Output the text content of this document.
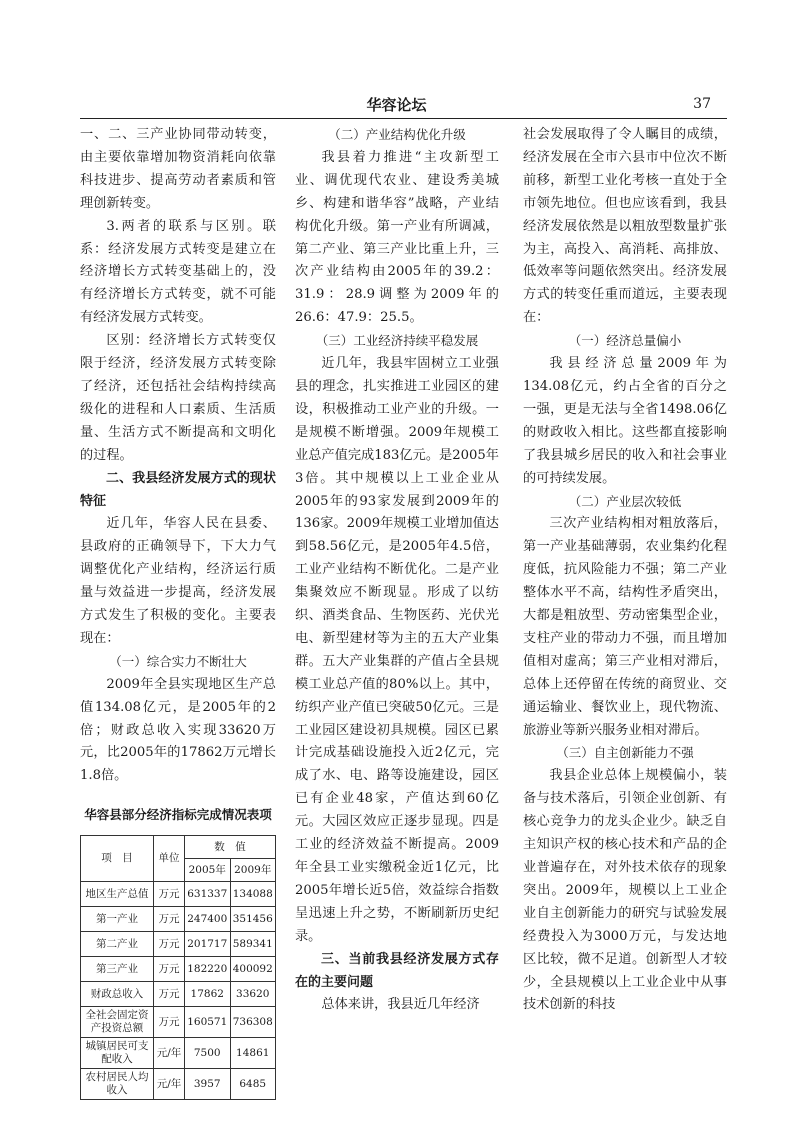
华容论坛	37

一、二、三产业协同带动转变，由主要依靠增加物资消耗向依靠科技进步、提高劳动者素质和管理创新转变。

3.两者的联系与区别。联系：经济发展方式转变是建立在经济增长方式转变基础上的，没有经济增长方式转变，就不可能有经济发展方式转变。

区别：经济增长方式转变仅限于经济，经济发展方式转变除了经济，还包括社会结构持续高级化的进程和人口素质、生活质量、生活方式不断提高和文明化的过程。

二、我县经济发展方式的现状特征

近几年，华容人民在县委、县政府的正确领导下，下大力气调整优化产业结构，经济运行质量与效益进一步提高，经济发展方式发生了积极的变化。主要表现在：

（一）综合实力不断壮大

2009年全县实现地区生产总值134.08亿元，是2005年的2倍；财政总收入实现33620万元，比2005年的17862万元增长1.8倍。

华容县部分经济指标完成情况表项
项　目	单位	数　值	
		2005年	2009年
地区生产总值	万元	631337	134088
第一产业	万元	247400	351456
第二产业	万元	201717	589341
第三产业	万元	182220	400092
财政总收入	万元	17862	33620
全社会固定资产投资总额	万元	160571	736308
城镇居民可支配收入	元/年	7500	14861
农村居民人均收入	元/年	3957	6485

（二）产业结构优化升级

我县着力推进“主攻新型工业、调优现代农业、建设秀美城乡、构建和谐华容”战略，产业结构优化升级。第一产业有所调减，第二产业、第三产业比重上升，三次产业结构由2005年的39.2：31.9：28.9调整为2009年的26.6：47.9：25.5。

（三）工业经济持续平稳发展

近几年，我县牢固树立工业强县的理念，扎实推进工业园区的建设，积极推动工业产业的升级。一是规模不断增强。2009年规模工业总产值完成183亿元。是2005年3倍。其中规模以上工业企业从2005年的93家发展到2009年的136家。2009年规模工业增加值达到58.56亿元，是2005年4.5倍，工业产业结构不断优化。二是产业集聚效应不断现显。形成了以纺织、酒类食品、生物医药、光伏光电、新型建材等为主的五大产业集群。五大产业集群的产值占全县规模工业总产值的80%以上。其中，纺织产业产值已突破50亿元。三是工业园区建设初具规模。园区已累计完成基础设施投入近2亿元，完成了水、电、路等设施建设，园区已有企业48家，产值达到60亿元。大园区效应正逐步显现。四是工业的经济效益不断提高。2009年全县工业实缴税金近1亿元，比2005年增长近5倍，效益综合指数呈迅速上升之势，不断刷新历史纪录。

三、当前我县经济发展方式存在的主要问题

总体来讲，我县近几年经济

社会发展取得了令人瞩目的成绩，经济发展在全市六县市中位次不断前移，新型工业化考核一直处于全市领先地位。但也应该看到，我县经济发展依然是以粗放型数量扩张为主，高投入、高消耗、高排放、低效率等问题依然突出。经济发展方式的转变任重而道远，主要表现在：

（一）经济总量偏小

我县经济总量2009年为134.08亿元，约占全省的百分之一强，更是无法与全省1498.06亿的财政收入相比。这些都直接影响了我县城乡居民的收入和社会事业的可持续发展。

（二）产业层次较低

三次产业结构相对粗放落后，第一产业基础薄弱，农业集约化程度低，抗风险能力不强；第二产业整体水平不高，结构性矛盾突出，大都是粗放型、劳动密集型企业，支柱产业的带动力不强，而且增加值相对虚高；第三产业相对滞后，总体上还停留在传统的商贸业、交通运输业、餐饮业上，现代物流、旅游业等新兴服务业相对滞后。

（三）自主创新能力不强

我县企业总体上规模偏小，装备与技术落后，引领企业创新、有核心竞争力的龙头企业少。缺乏自主知识产权的核心技术和产品的企业普遍存在，对外技术依存的现象突出。2009年，规模以上工业企业自主创新能力的研究与试验发展经费投入为3000万元，与发达地区比较，微不足道。创新型人才较少，全县规模以上工业企业中从事技术创新的科技
